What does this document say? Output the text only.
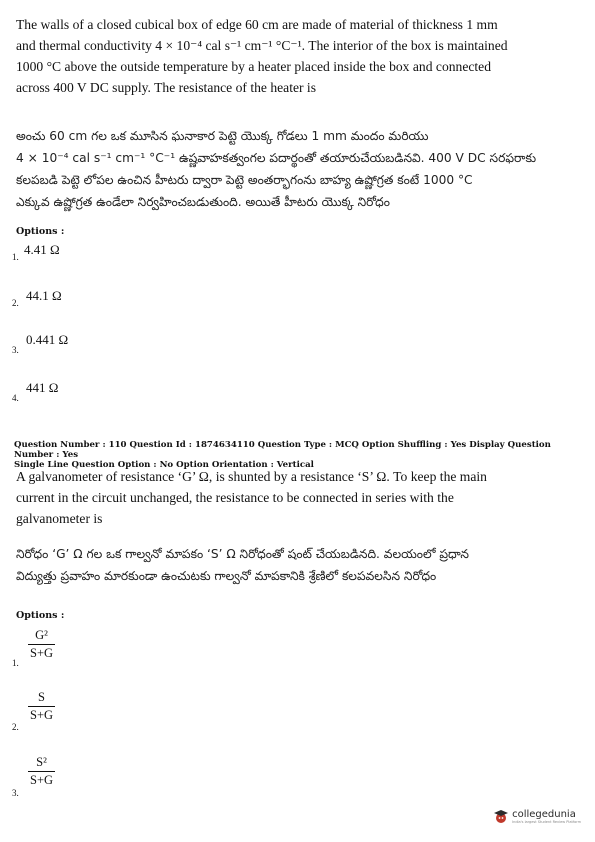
The walls of a closed cubical box of edge 60 cm are made of material of thickness 1 mm
and thermal conductivity 4 × 10⁻⁴ cal s⁻¹ cm⁻¹ °C⁻¹. The interior of the box is maintained
1000 °C above the outside temperature by a heater placed inside the box and connected
across 400 V DC supply. The resistance of the heater is
అంచు 60 cm గల ఒక మూసిన ఘనాకార పెట్టె యొక్క గోడలు 1 mm మందం మరియు
4 × 10⁻⁴ cal s⁻¹ cm⁻¹ °C⁻¹ ఉష్ణవాహకత్వంగల పదార్థంతో తయారుచేయబడినవి. 400 V DC సరఫరాకు
కలపబడి పెట్టె లోపల ఉంచిన హీటరు ద్వారా పెట్టె అంతర్భాగంను బాహ్య ఉష్ణోగ్రత కంటే 1000 °C
ఎక్కువ ఉష్ణోగ్రత ఉండేలా నిర్వహించబడుతుంది. అయితే హీటరు యొక్క నిరోధం
Options :
1. 4.41 Ω
2. 44.1 Ω
3.
0.441 Ω
4.
441 Ω
Question Number : 110 Question Id : 1874634110 Question Type : MCQ Option Shuffling : Yes Display Question Number : Yes
Single Line Question Option : No Option Orientation : Vertical
A galvanometer of resistance ‘G’ Ω, is shunted by a resistance ‘S’ Ω. To keep the main
current in the circuit unchanged, the resistance to be connected in series with the
galvanometer is
నిరోధం ‘G’ Ω గల ఒక గాల్వనో మాపకం ‘S’ Ω నిరోధంతో షంట్ చేయబడినది. వలయంలో ప్రధాన
విద్యుత్తు ప్రవాహం మారకుండా ఉంచుటకు గాల్వనో మాపకానికి శ్రేణిలో కలపవలసిన నిరోధం
Options :
1.
$\frac{\text{G²}}{S+G}$
2.
$\frac{S}{S+G}$
3.
$\frac{\text{S²}}{S+G}$
collegedunia
India's largest Student Review Platform
